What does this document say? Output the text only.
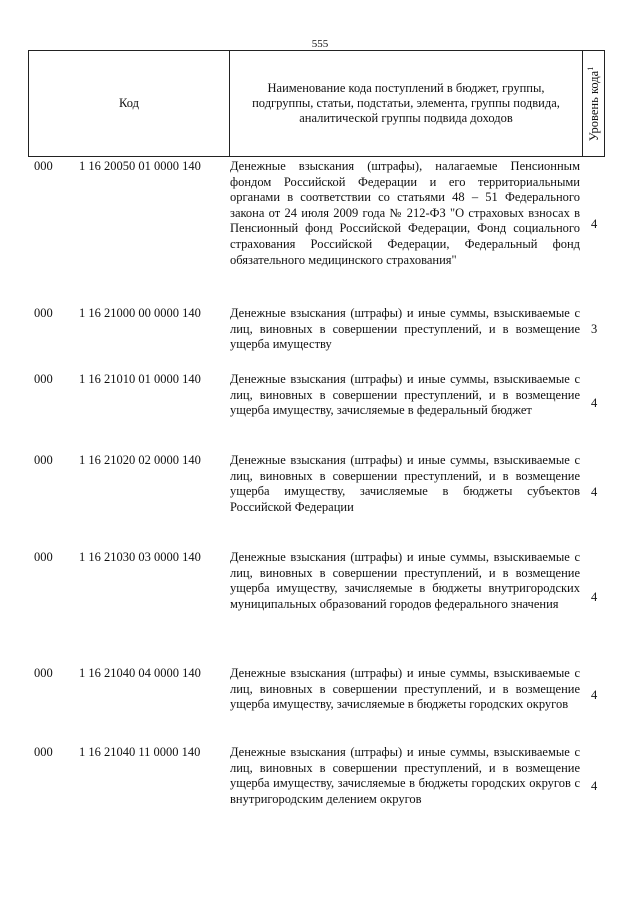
555
Код
Наименование кода поступлений в бюджет, группы, подгруппы, статьи, подстатьи, элемента, группы подвида, аналитической группы подвида доходов	Уровень кода$^1$
000 1 16 20050 01 0000 140 Денежные взыскания (штрафы), налагаемые Пенсионным фондом Российской Федерации и его территориальными органами в соответствии со статьями 48 – 51 Федерального закона от 24 июля 2009 года № 212-ФЗ "О страховых взносах в Пенсионный фонд Российской Федерации, Фонд социального страхования Российской Федерации, Федеральный фонд обязательного медицинского страхования"
4
000 1 16 21000 00 0000 140 Денежные взыскания (штрафы) и иные суммы, взыскиваемые с лиц, виновных в совершении преступлений, и в возмещение ущерба имуществу
3
000 1 16 21010 01 0000 140 Денежные взыскания (штрафы) и иные суммы, взыскиваемые с лиц, виновных в совершении преступлений, и в возмещение ущерба имуществу, зачисляемые в федеральный бюджет
4
000 1 16 21020 02 0000 140 Денежные взыскания (штрафы) и иные суммы, взыскиваемые с лиц, виновных в совершении преступлений, и в возмещение ущерба имуществу, зачисляемые в бюджеты субъектов Российской Федерации
4
000 1 16 21030 03 0000 140 Денежные взыскания (штрафы) и иные суммы, взыскиваемые с лиц, виновных в совершении преступлений, и в возмещение ущерба имуществу, зачисляемые в бюджеты внутригородских муниципальных образований городов федерального значения	4
000 1 16 21040 04 0000 140 Денежные взыскания (штрафы) и иные суммы, взыскиваемые с лиц, виновных в совершении преступлений, и в возмещение ущерба имуществу, зачисляемые в бюджеты городских округов
4
000 1 16 21040 11 0000 140 Денежные взыскания (штрафы) и иные суммы, взыскиваемые с лиц, виновных в совершении преступлений, и в возмещение ущерба имуществу, зачисляемые в бюджеты городских округов с внутригородским делением округов
4
